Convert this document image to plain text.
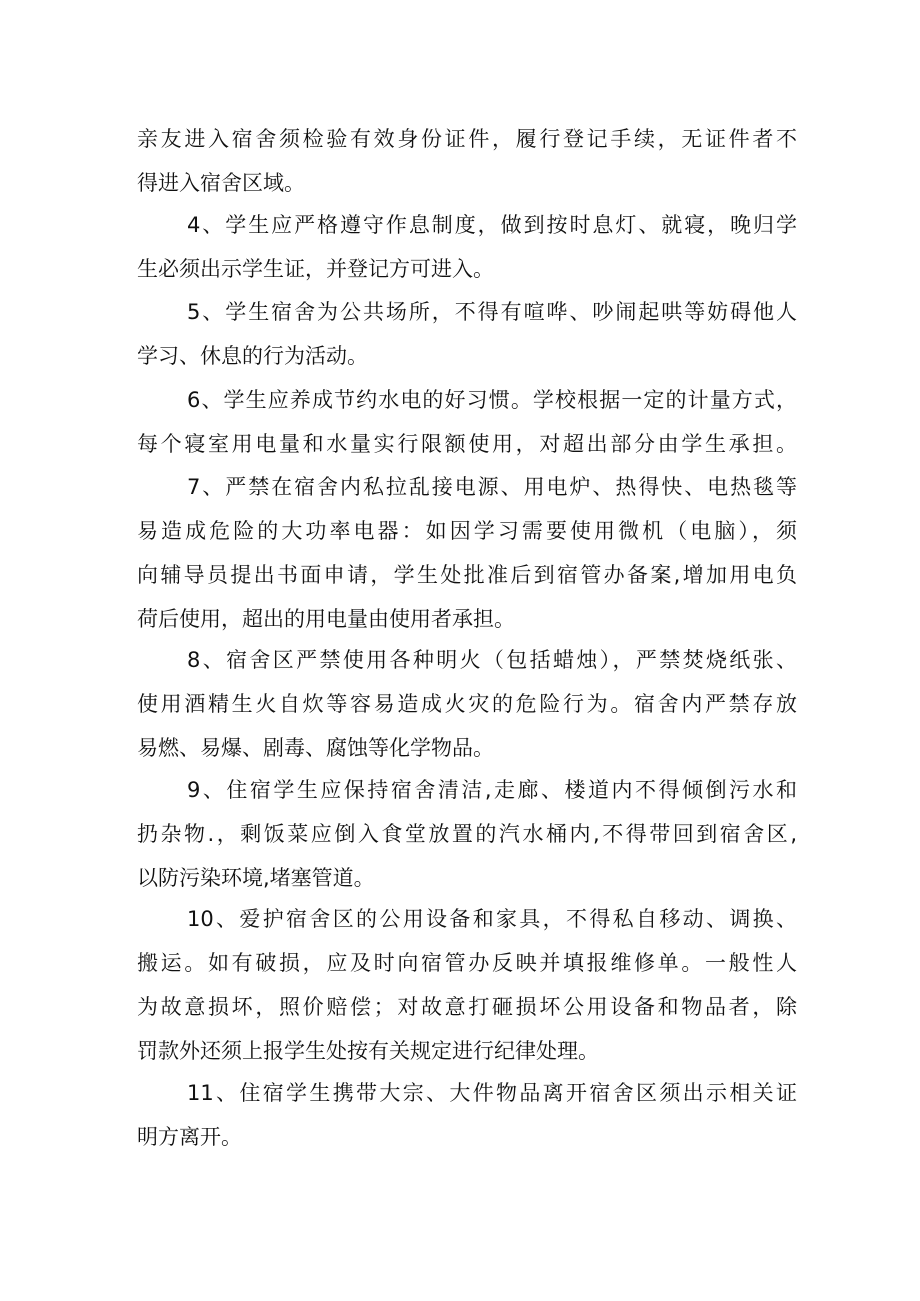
亲友进入宿舍须检验有效身份证件，履行登记手续，无证件者不
得进入宿舍区域。
4、学生应严格遵守作息制度，做到按时息灯、就寝，晚归学
生必须出示学生证，并登记方可进入。
5、学生宿舍为公共场所，不得有喧哗、吵闹起哄等妨碍他人
学习、休息的行为活动。
6、学生应养成节约水电的好习惯。学校根据一定的计量方式，
每个寝室用电量和水量实行限额使用，对超出部分由学生承担。
7、严禁在宿舍内私拉乱接电源、用电炉、热得快、电热毯等
易造成危险的大功率电器：如因学习需要使用微机（电脑），须
向辅导员提出书面申请，学生处批准后到宿管办备案,增加用电负
荷后使用，超出的用电量由使用者承担。
8、宿舍区严禁使用各种明火（包括蜡烛），严禁焚烧纸张、
使用酒精生火自炊等容易造成火灾的危险行为。宿舍内严禁存放
易燃、易爆、剧毒、腐蚀等化学物品。
9、住宿学生应保持宿舍清洁,走廊、楼道内不得倾倒污水和
扔杂物.，剩饭菜应倒入食堂放置的汽水桶内,不得带回到宿舍区,
以防污染环境,堵塞管道。
10、爱护宿舍区的公用设备和家具，不得私自移动、调换、
搬运。如有破损，应及时向宿管办反映并填报维修单。一般性人
为故意损坏，照价赔偿；对故意打砸损坏公用设备和物品者，除
罚款外还须上报学生处按有关规定进行纪律处理。
11、住宿学生携带大宗、大件物品离开宿舍区须出示相关证
明方离开。
